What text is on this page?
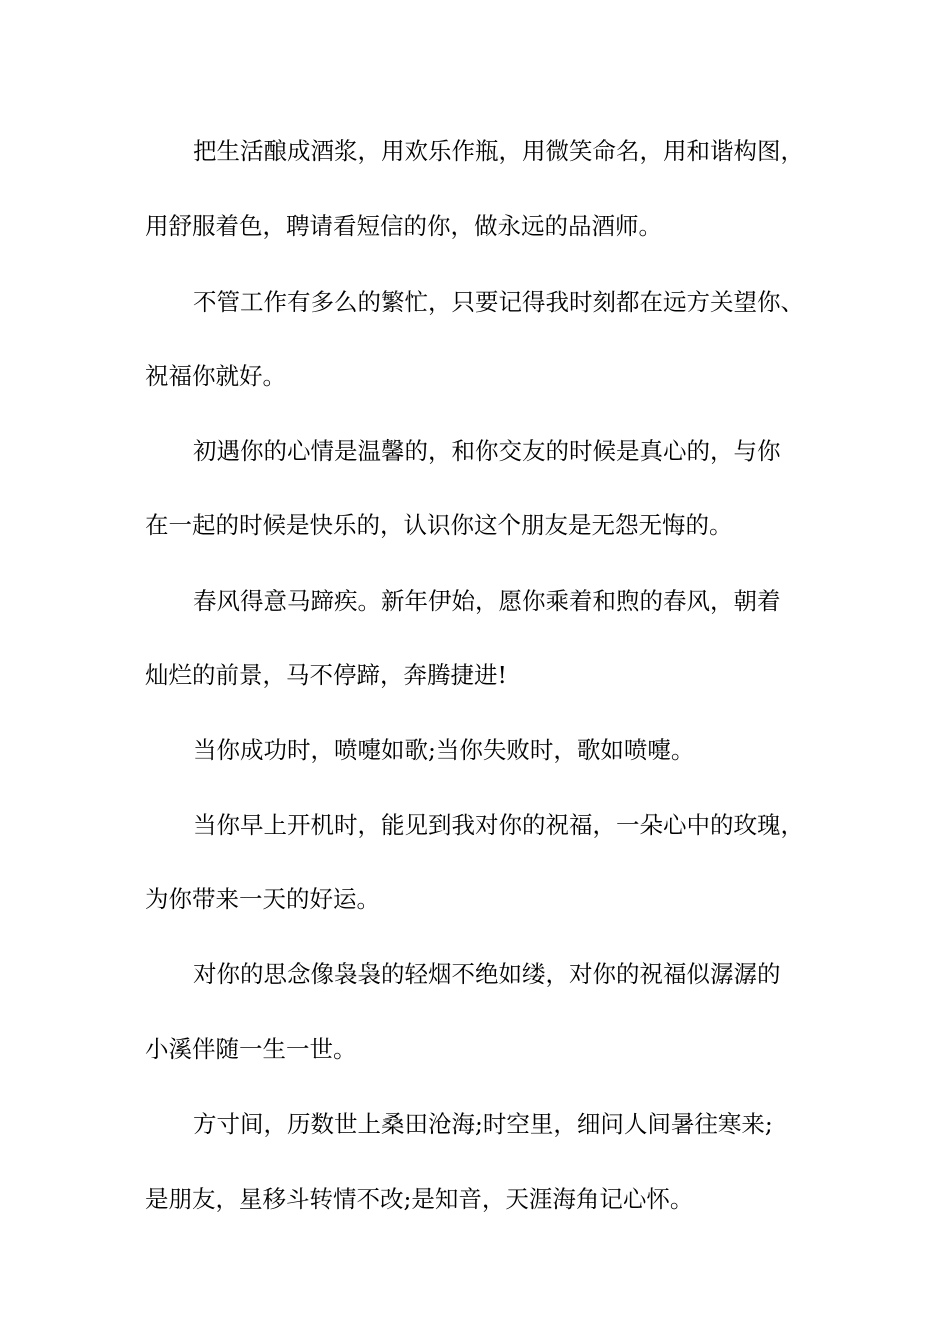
把生活酿成酒浆，用欢乐作瓶，用微笑命名，用和谐构图，
用舒服着色，聘请看短信的你，做永远的品酒师。
不管工作有多么的繁忙，只要记得我时刻都在远方关望你、
祝福你就好。
初遇你的心情是温馨的，和你交友的时候是真心的，与你
在一起的时候是快乐的，认识你这个朋友是无怨无悔的。
春风得意马蹄疾。新年伊始，愿你乘着和煦的春风，朝着
灿烂的前景，马不停蹄，奔腾捷进!
当你成功时，喷嚏如歌;当你失败时，歌如喷嚏。
当你早上开机时，能见到我对你的祝福，一朵心中的玫瑰，
为你带来一天的好运。
对你的思念像袅袅的轻烟不绝如缕，对你的祝福似潺潺的
小溪伴随一生一世。
方寸间，历数世上桑田沧海;时空里，细问人间暑往寒来;
是朋友，星移斗转情不改;是知音，天涯海角记心怀。
